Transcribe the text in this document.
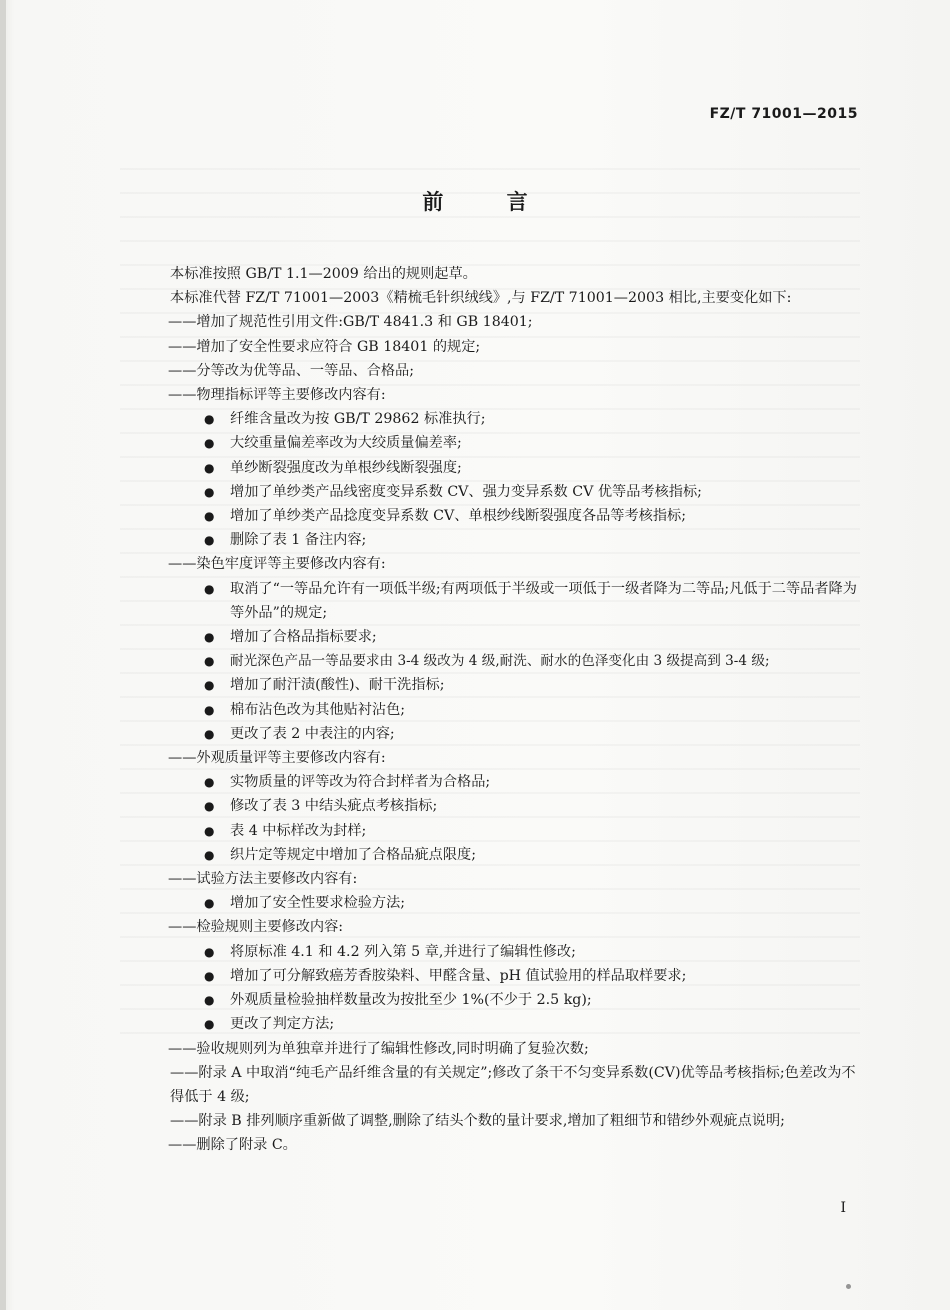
FZ/T 71001—2015
前 言
本标准按照 GB/T 1.1—2009 给出的规则起草。
本标准代替 FZ/T 71001—2003《精梳毛针织绒线》,与 FZ/T 71001—2003 相比,主要变化如下:
——增加了规范性引用文件:GB/T 4841.3 和 GB 18401;
——增加了安全性要求应符合 GB 18401 的规定;
——分等改为优等品、一等品、合格品;
——物理指标评等主要修改内容有:
● 纤维含量改为按 GB/T 29862 标准执行;
● 大绞重量偏差率改为大绞质量偏差率;
● 单纱断裂强度改为单根纱线断裂强度;
● 增加了单纱类产品线密度变异系数 CV、强力变异系数 CV 优等品考核指标;
● 增加了单纱类产品捻度变异系数 CV、单根纱线断裂强度各品等考核指标;
● 删除了表 1 备注内容;
——染色牢度评等主要修改内容有:
● 取消了“一等品允许有一项低半级;有两项低于半级或一项低于一级者降为二等品;凡低于二等品者降为等外品”的规定;
● 增加了合格品指标要求;
● 耐光深色产品一等品要求由 3-4 级改为 4 级,耐洗、耐水的色泽变化由 3 级提高到 3-4 级;
● 增加了耐汗渍(酸性)、耐干洗指标;
● 棉布沾色改为其他贴衬沾色;
● 更改了表 2 中表注的内容;
——外观质量评等主要修改内容有:
● 实物质量的评等改为符合封样者为合格品;
● 修改了表 3 中结头疵点考核指标;
● 表 4 中标样改为封样;
● 织片定等规定中增加了合格品疵点限度;
——试验方法主要修改内容有:
● 增加了安全性要求检验方法;
——检验规则主要修改内容:
● 将原标准 4.1 和 4.2 列入第 5 章,并进行了编辑性修改;
● 增加了可分解致癌芳香胺染料、甲醛含量、pH 值试验用的样品取样要求;
● 外观质量检验抽样数量改为按批至少 1%(不少于 2.5 kg);
● 更改了判定方法;
——验收规则列为单独章并进行了编辑性修改,同时明确了复验次数;
——附录 A 中取消“纯毛产品纤维含量的有关规定”;修改了条干不匀变异系数(CV)优等品考核指标;色差改为不得低于 4 级;
——附录 B 排列顺序重新做了调整,删除了结头个数的量计要求,增加了粗细节和错纱外观疵点说明;
——删除了附录 C。
I
